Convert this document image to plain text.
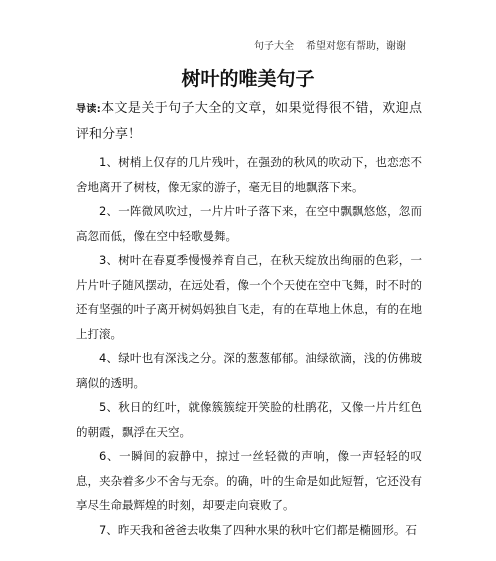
句子大全 希望对您有帮助，谢谢
树叶的唯美句子

导读:本文是关于句子大全的文章，如果觉得很不错，欢迎点评和分享！

1、树梢上仅存的几片残叶，在强劲的秋风的吹动下，也恋恋不舍地离开了树枝，像无家的游子，毫无目的地飘落下来。

2、一阵微风吹过，一片片叶子落下来，在空中飘飘悠悠，忽而高忽而低，像在空中轻歌曼舞。

3、树叶在春夏季慢慢养育自己，在秋天绽放出绚丽的色彩，一片片叶子随风摆动，在远处看，像一个个天使在空中飞舞，时不时的还有坚强的叶子离开树妈妈独自飞走，有的在草地上休息，有的在地上打滚。

4、绿叶也有深浅之分。深的葱葱郁郁。油绿欲滴，浅的仿佛玻璃似的透明。

5、秋日的红叶，就像簇簇绽开笑脸的杜鹃花，又像一片片红色的朝霞，飘浮在天空。

6、一瞬间的寂静中，掠过一丝轻微的声响，像一声轻轻的叹息，夹杂着多少不舍与无奈。的确，叶的生命是如此短暂，它还没有享尽生命最辉煌的时刻，却要走向衰败了。

7、昨天我和爸爸去收集了四种水果的秋叶它们都是椭圆形。石
